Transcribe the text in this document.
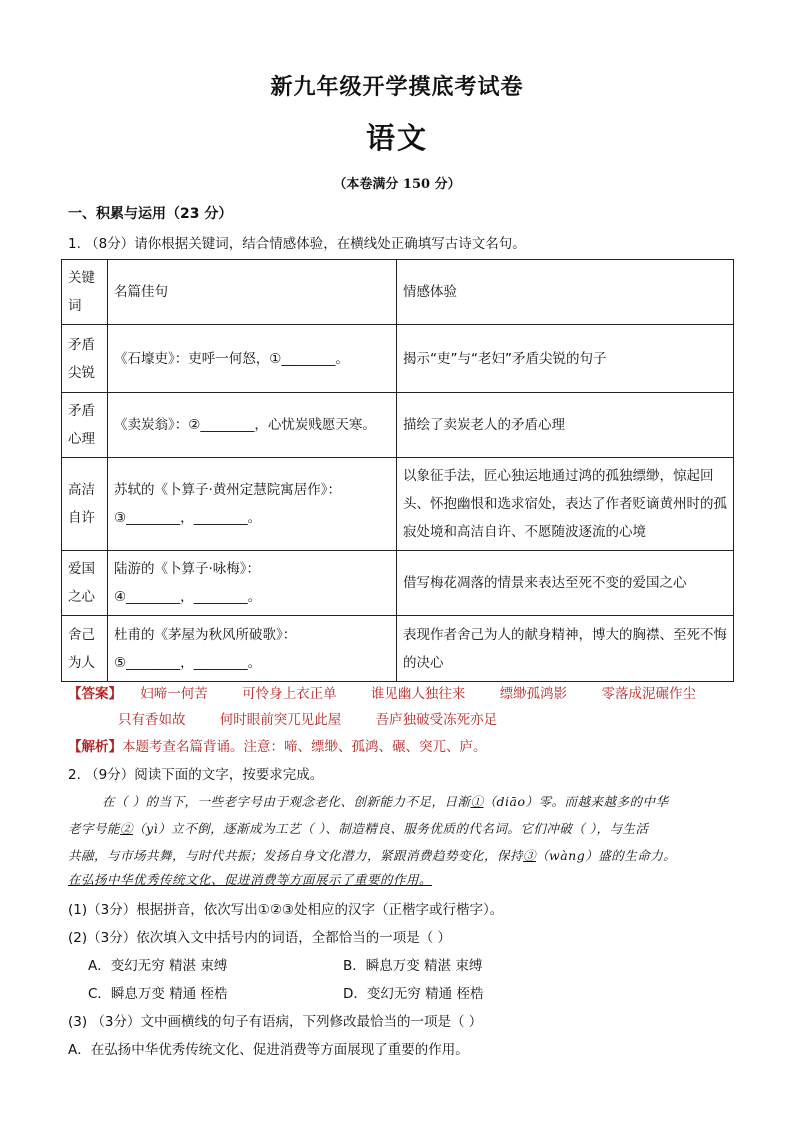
新九年级开学摸底考试卷
语文
（本卷满分 150 分）
一、积累与运用（23 分）
1. （8分）请你根据关键词，结合情感体验，在横线处正确填写古诗文名句。
关键词	名篇佳句	情感体验
矛盾尖锐	《石壕吏》：吏呼一何怒，①________。	揭示“吏”与“老妇”矛盾尖锐的句子
矛盾心理	《卖炭翁》：②________，心忧炭贱愿天寒。	描绘了卖炭老人的矛盾心理
高洁自许	苏轼的《卜算子·黄州定慧院寓居作》：
③________，________。	以象征手法，匠心独运地通过鸿的孤独缥缈，惊起回头、怀抱幽恨和选求宿处，表达了作者贬谪黄州时的孤寂处境和高洁自许、不愿随波逐流的心境
爱国之心	陆游的《卜算子·咏梅》：
④________，________。	借写梅花凋落的情景来表达至死不变的爱国之心
舍己为人	杜甫的《茅屋为秋风所破歌》：
⑤________，________。	表现作者舍己为人的献身精神，博大的胸襟、至死不悔的决心
【答案】 妇啼一何苦	可怜身上衣正单	谁见幽人独往来	缥缈孤鸿影	零落成泥碾作尘
只有香如故	何时眼前突兀见此屋	吾庐独破受冻死亦足
【解析】本题考查名篇背诵。注意：啼、缥缈、孤鸿、碾、突兀、庐。
2. （9分）阅读下面的文字，按要求完成。
在（ ）的当下，一些老字号由于观念老化、创新能力不足，日渐①（diāo）零。而越来越多的中华
老字号能②（yì）立不倒，逐渐成为工艺（ ）、制造精良、服务优质的代名词。它们冲破（ ），与生活
共融，与市场共舞，与时代共振；发扬自身文化潜力，紧跟消费趋势变化，保持③（wàng）盛的生命力。
在弘扬中华优秀传统文化、促进消费等方面展示了重要的作用。
(1)（3分）根据拼音，依次写出①②③处相应的汉字（正楷字或行楷字）。
(2)（3分）依次填入文中括号内的词语，全都恰当的一项是（ ）
A．变幻无穷 精湛 束缚	B．瞬息万变 精湛 束缚
C．瞬息万变 精通 桎梏	D．变幻无穷 精通 桎梏
(3) （3分）文中画横线的句子有语病，下列修改最恰当的一项是（ ）
A．在弘扬中华优秀传统文化、促进消费等方面展现了重要的作用。
